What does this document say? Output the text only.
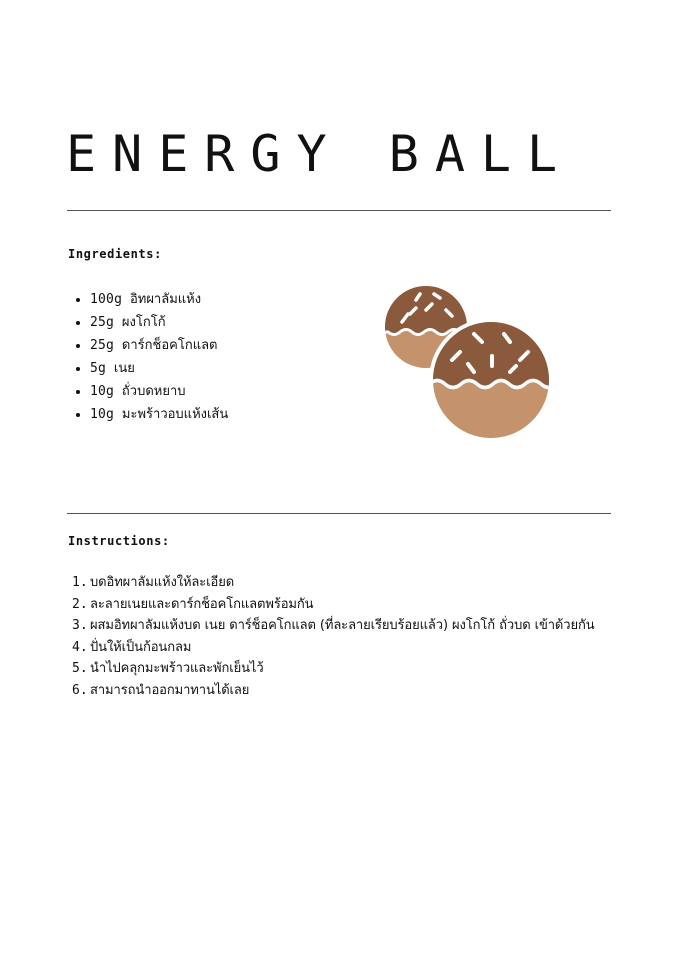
ENERGY BALL
Ingredients:
100g อิทผาลัมแห้ง
25g ผงโกโก้
25g ดาร์กช็อคโกแลต
5g เนย
10g ถั่วบดหยาบ
10g มะพร้าวอบแห้งเส้น
Instructions:
1. บดอิทผาลัมแห้งให้ละเอียด
2. ละลายเนยและดาร์กช็อคโกแลตพร้อมกัน
3. ผสมอิทผาลัมแห้งบด เนย ดาร์ช็อคโกแลต (ที่ละลายเรียบร้อยแล้ว) ผงโกโก้ ถั่วบด เข้าด้วยกัน
4. ปั่นให้เป็นก้อนกลม
5. นำไปคลุกมะพร้าวและพักเย็นไว้
6. สามารถนำออกมาทานได้เลย
